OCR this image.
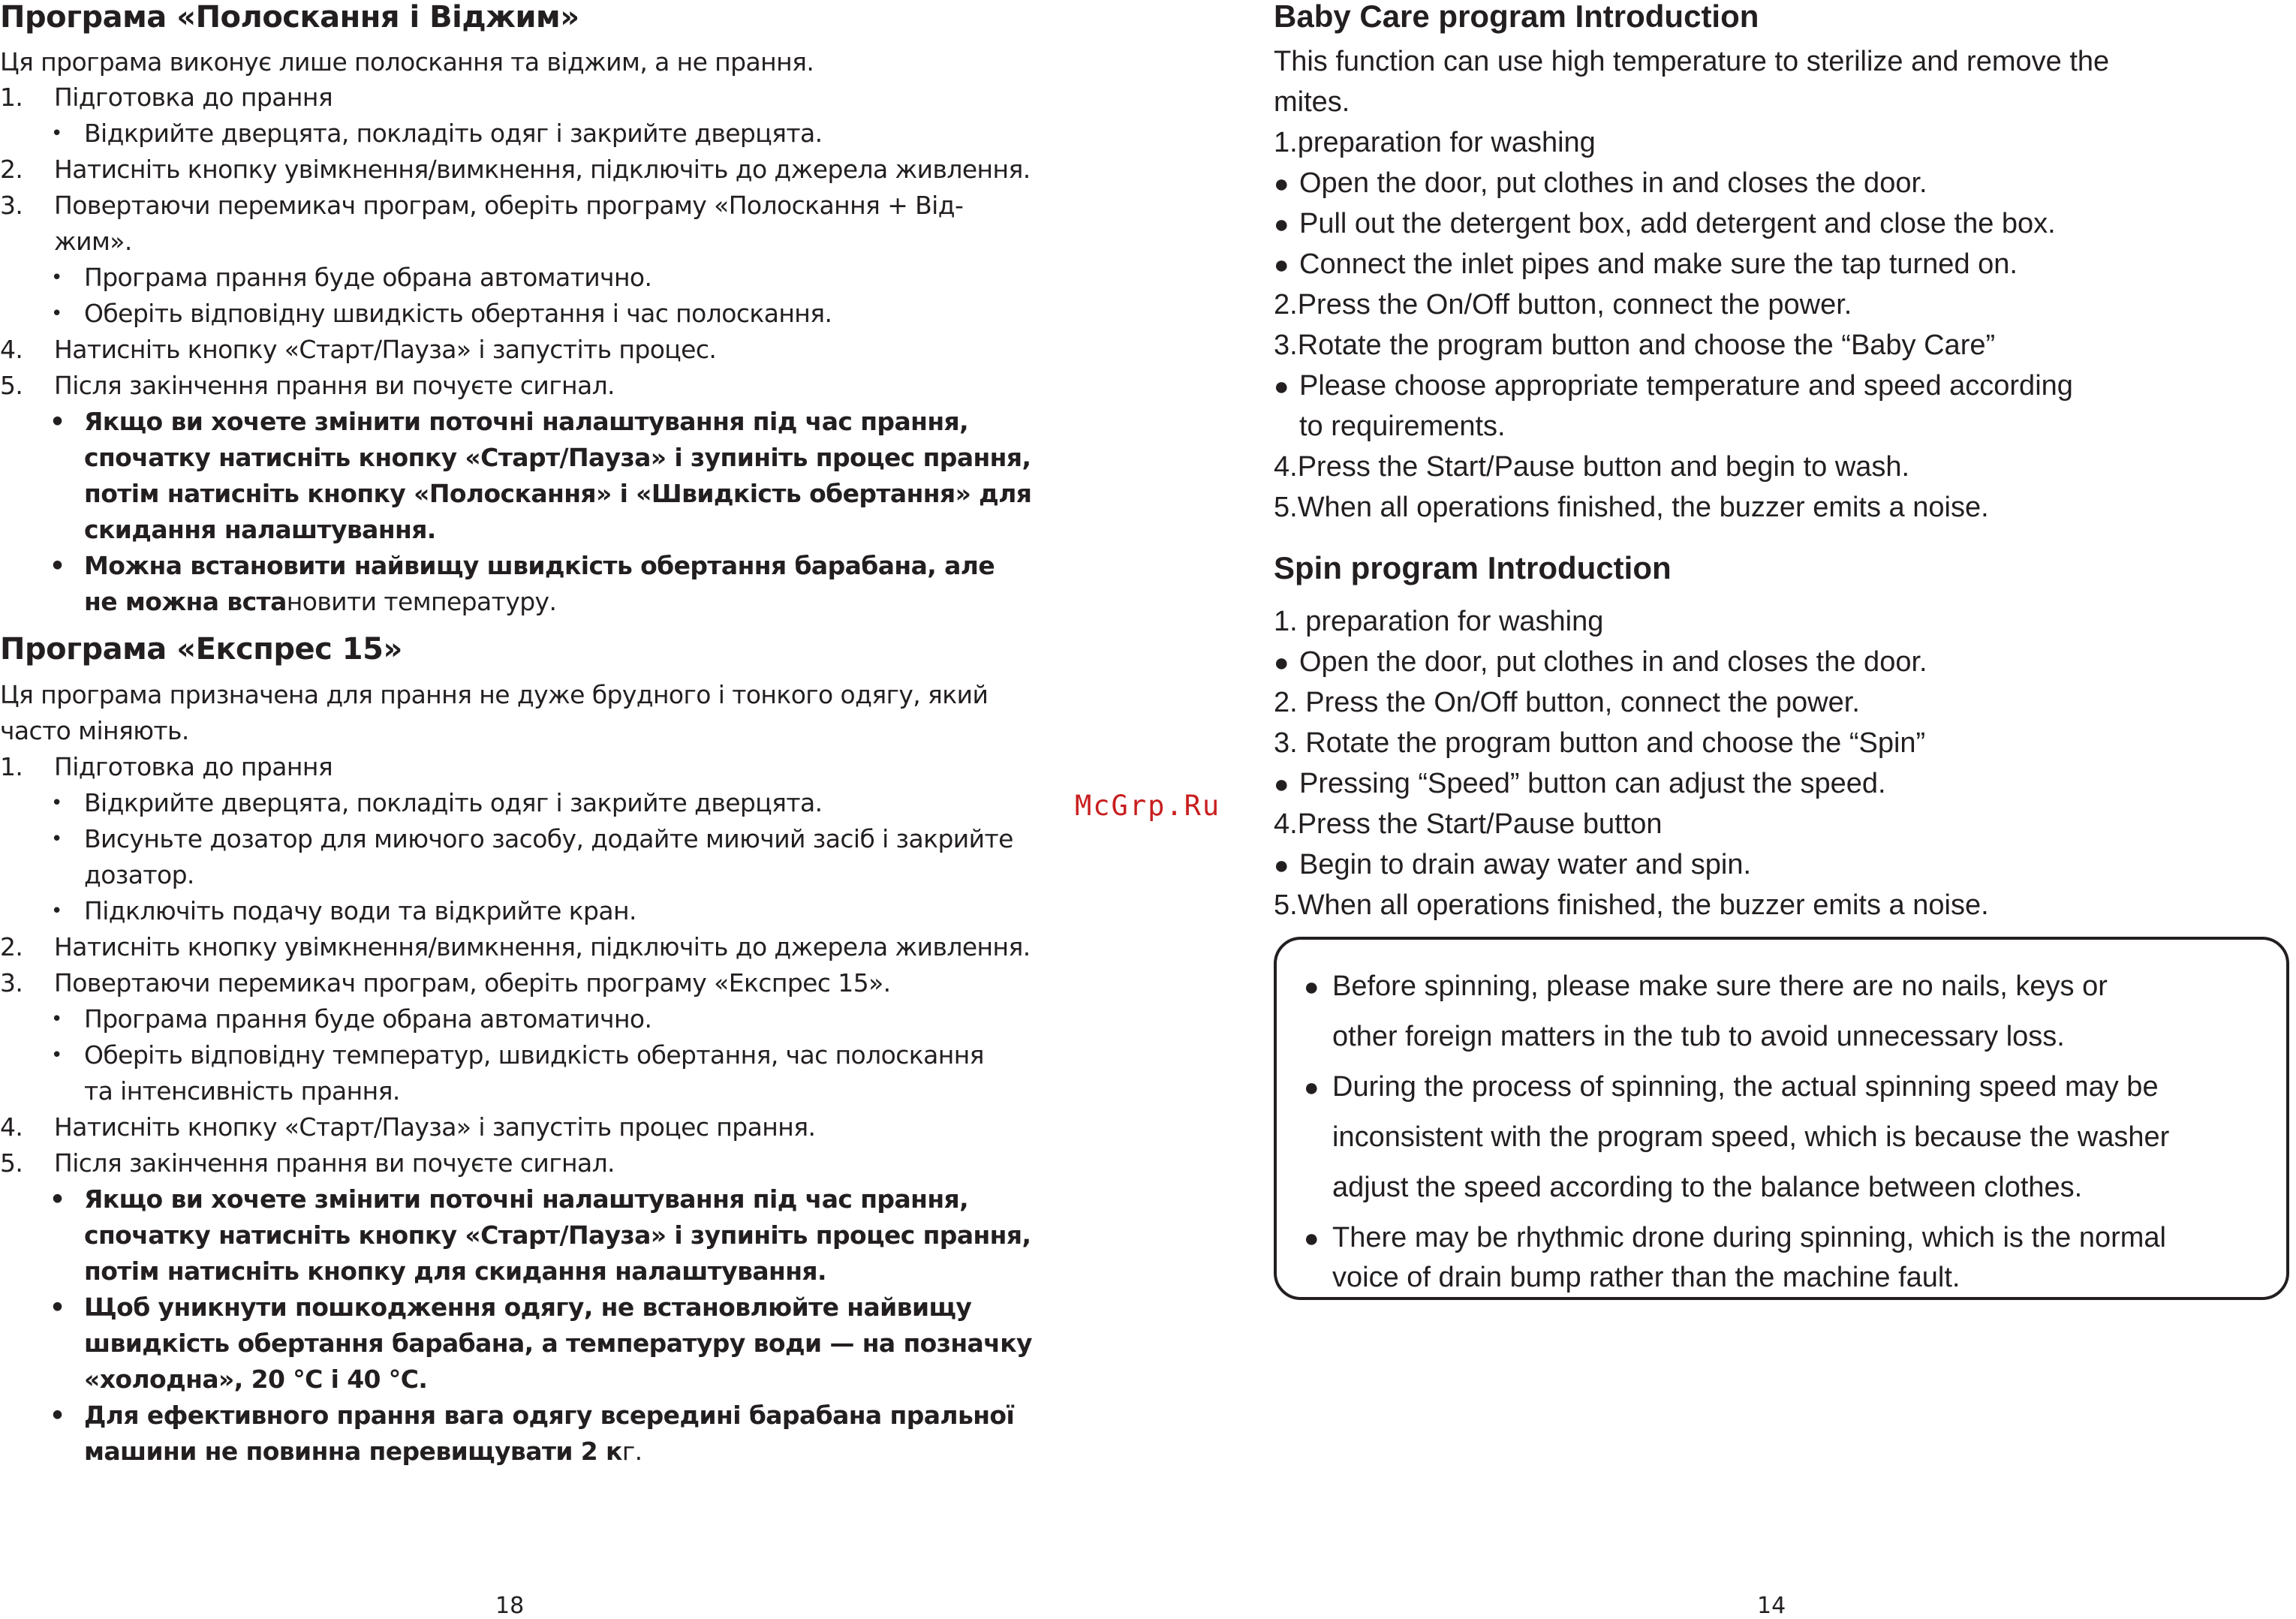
Програма «Полоскання і Віджим»
Ця програма виконує лише полоскання та віджим, а не прання.
1. Підготовка до прання
• Відкрийте дверцята, покладіть одяг і закрийте дверцята.
2. Натисніть кнопку увімкнення/вимкнення, підключіть до джерела живлення.
3. Повертаючи перемикач програм, оберіть програму «Полоскання + Від-
жим».
• Програма прання буде обрана автоматично.
• Оберіть відповідну швидкість обертання і час полоскання.
4. Натисніть кнопку «Старт/Пауза» і запустіть процес.
5. Після закінчення прання ви почуєте сигнал.
• Якщо ви хочете змінити поточні налаштування під час прання,
спочатку натисніть кнопку «Старт/Пауза» і зупиніть процес прання,
потім натисніть кнопку «Полоскання» і «Швидкість обертання» для
скидання налаштування.
• Можна встановити найвищу швидкість обертання барабана, але
не можна встановити температуру.
Програма «Експрес 15»
Ця програма призначена для прання не дуже брудного і тонкого одягу, який
часто міняють.
1. Підготовка до прання
• Відкрийте дверцята, покладіть одяг і закрийте дверцята.
• Висуньте дозатор для миючого засобу, додайте миючий засіб і закрийте
дозатор.
• Підключіть подачу води та відкрийте кран.
2. Натисніть кнопку увімкнення/вимкнення, підключіть до джерела живлення.
3. Повертаючи перемикач програм, оберіть програму «Експрес 15».
• Програма прання буде обрана автоматично.
• Оберіть відповідну температур, швидкість обертання, час полоскання
та інтенсивність прання.
4. Натисніть кнопку «Старт/Пауза» і запустіть процес прання.
5. Після закінчення прання ви почуєте сигнал.
• Якщо ви хочете змінити поточні налаштування під час прання,
спочатку натисніть кнопку «Старт/Пауза» і зупиніть процес прання,
потім натисніть кнопку для скидання налаштування.
• Щоб уникнути пошкодження одягу, не встановлюйте найвищу
швидкість обертання барабана, а температуру води — на позначку
«холодна», 20 °C і 40 °C.
• Для ефективного прання вага одягу всередині барабана пральної
машини не повинна перевищувати 2 кг.
18
McGrp.Ru
Baby Care program Introduction
This function can use high temperature to sterilize and remove the
mites.
1.preparation for washing
● Open the door, put clothes in and closes the door.
● Pull out the detergent box, add detergent and close the box.
● Connect the inlet pipes and make sure the tap turned on.
2.Press the On/Off button, connect the power.
3.Rotate the program button and choose the “Baby Care”
● Please choose appropriate temperature and speed according
to requirements.
4.Press the Start/Pause button and begin to wash.
5.When all operations finished, the buzzer emits a noise.
Spin program Introduction
1. preparation for washing
● Open the door, put clothes in and closes the door.
2. Press the On/Off button, connect the power.
3. Rotate the program button and choose the “Spin”
● Pressing “Speed” button can adjust the speed.
4.Press the Start/Pause button
● Begin to drain away water and spin.
5.When all operations finished, the buzzer emits a noise.
● Before spinning, please make sure there are no nails, keys or
other foreign matters in the tub to avoid unnecessary loss.
● During the process of spinning, the actual spinning speed may be
inconsistent with the program speed, which is because the washer
adjust the speed according to the balance between clothes.
● There may be rhythmic drone during spinning, which is the normal
voice of drain bump rather than the machine fault.
14
